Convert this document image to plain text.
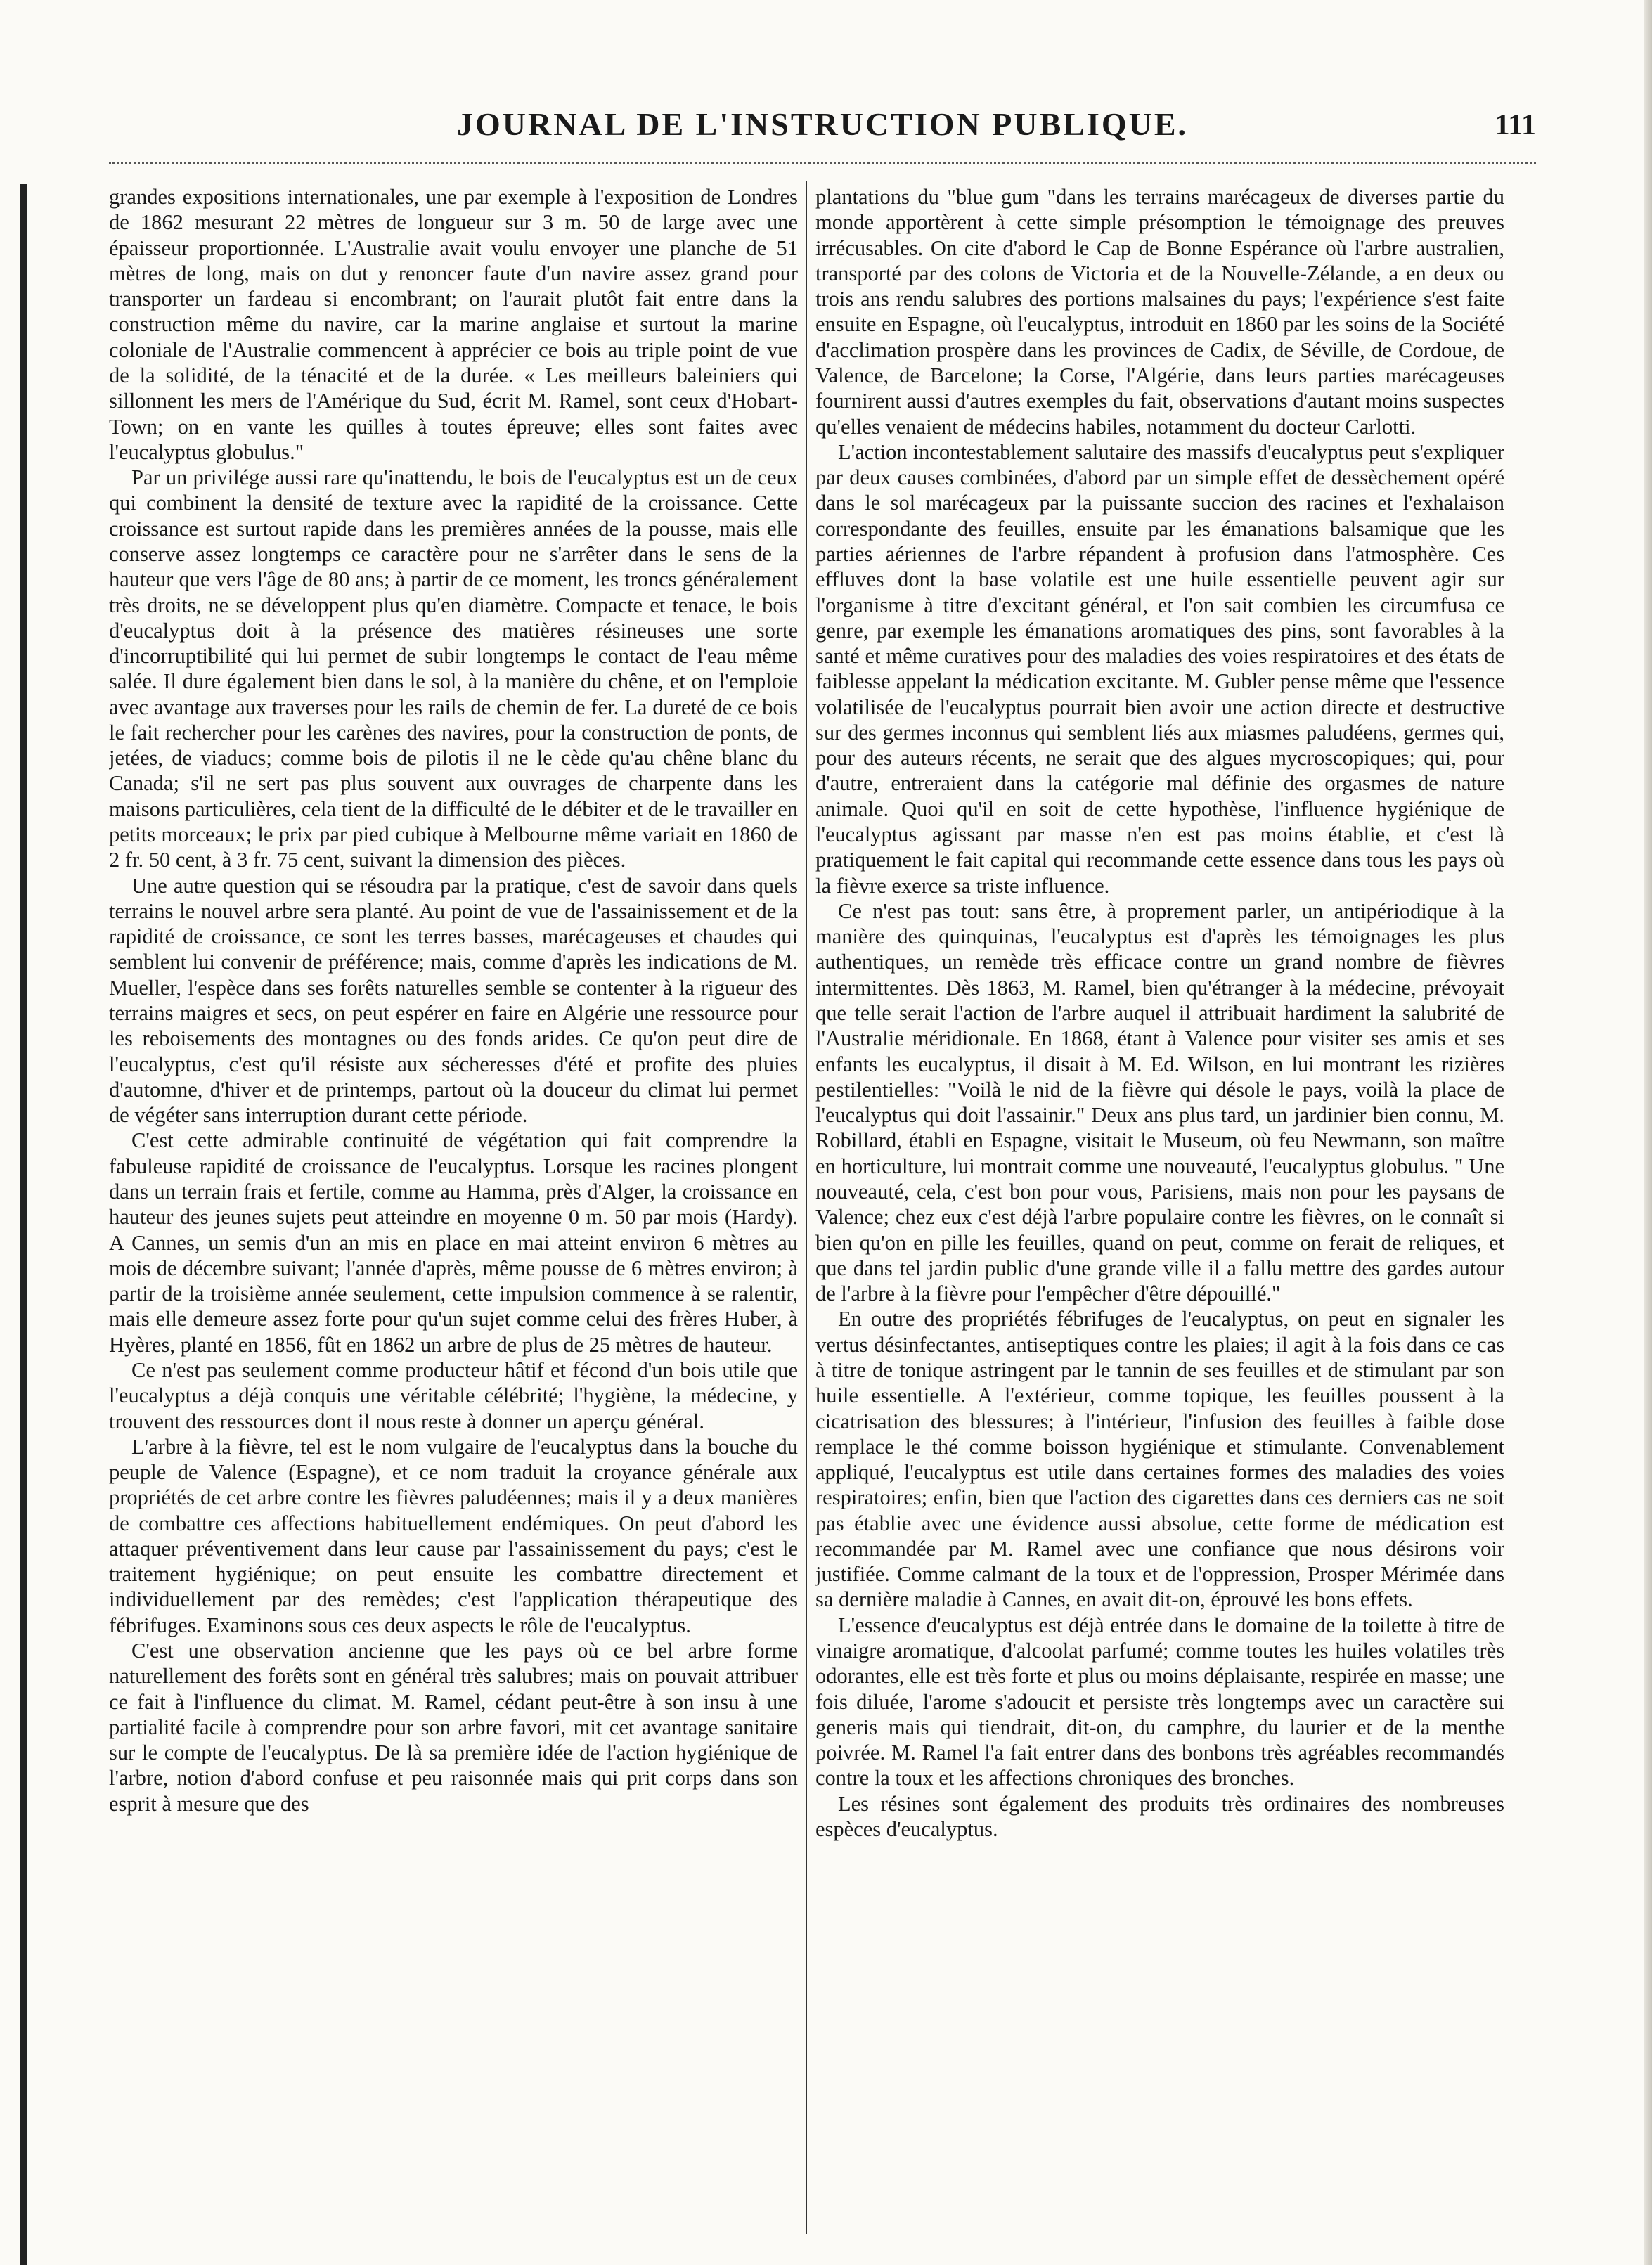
JOURNAL DE L'INSTRUCTION PUBLIQUE.	111

grandes expositions internationales, une par exemple à l'exposition de Londres de 1862 mesurant 22 mètres de longueur sur 3 m. 50 de large avec une épaisseur proportionnée. L'Australie avait voulu envoyer une planche de 51 mètres de long, mais on dut y renoncer faute d'un navire assez grand pour transporter un fardeau si encombrant; on l'aurait plutôt fait entre dans la construction même du navire, car la marine anglaise et surtout la marine coloniale de l'Australie commencent à apprécier ce bois au triple point de vue de la solidité, de la ténacité et de la durée. « Les meilleurs baleiniers qui sillonnent les mers de l'Amérique du Sud, écrit M. Ramel, sont ceux d'Hobart-Town; on en vante les quilles à toutes épreuve; elles sont faites avec l'eucalyptus globulus."

Par un privilége aussi rare qu'inattendu, le bois de l'eucalyptus est un de ceux qui combinent la densité de texture avec la rapidité de la croissance. Cette croissance est surtout rapide dans les premières années de la pousse, mais elle conserve assez longtemps ce caractère pour ne s'arrêter dans le sens de la hauteur que vers l'âge de 80 ans; à partir de ce moment, les troncs généralement très droits, ne se développent plus qu'en diamètre. Compacte et tenace, le bois d'eucalyptus doit à la présence des matières résineuses une sorte d'incorruptibilité qui lui permet de subir longtemps le contact de l'eau même salée. Il dure également bien dans le sol, à la manière du chêne, et on l'emploie avec avantage aux traverses pour les rails de chemin de fer. La dureté de ce bois le fait rechercher pour les carènes des navires, pour la construction de ponts, de jetées, de viaducs; comme bois de pilotis il ne le cède qu'au chêne blanc du Canada; s'il ne sert pas plus souvent aux ouvrages de charpente dans les maisons particulières, cela tient de la difficulté de le débiter et de le travailler en petits morceaux; le prix par pied cubique à Melbourne même variait en 1860 de 2 fr. 50 cent, à 3 fr. 75 cent, suivant la dimension des pièces.

Une autre question qui se résoudra par la pratique, c'est de savoir dans quels terrains le nouvel arbre sera planté. Au point de vue de l'assainissement et de la rapidité de croissance, ce sont les terres basses, marécageuses et chaudes qui semblent lui convenir de préférence; mais, comme d'après les indications de M. Mueller, l'espèce dans ses forêts naturelles semble se contenter à la rigueur des terrains maigres et secs, on peut espérer en faire en Algérie une ressource pour les reboisements des montagnes ou des fonds arides. Ce qu'on peut dire de l'eucalyptus, c'est qu'il résiste aux sécheresses d'été et profite des pluies d'automne, d'hiver et de printemps, partout où la douceur du climat lui permet de végéter sans interruption durant cette période.

C'est cette admirable continuité de végétation qui fait comprendre la fabuleuse rapidité de croissance de l'eucalyptus. Lorsque les racines plongent dans un terrain frais et fertile, comme au Hamma, près d'Alger, la croissance en hauteur des jeunes sujets peut atteindre en moyenne 0 m. 50 par mois (Hardy). A Cannes, un semis d'un an mis en place en mai atteint environ 6 mètres au mois de décembre suivant; l'année d'après, même pousse de 6 mètres environ; à partir de la troisième année seulement, cette impulsion commence à se ralentir, mais elle demeure assez forte pour qu'un sujet comme celui des frères Huber, à Hyères, planté en 1856, fût en 1862 un arbre de plus de 25 mètres de hauteur.

Ce n'est pas seulement comme producteur hâtif et fécond d'un bois utile que l'eucalyptus a déjà conquis une véritable célébrité; l'hygiène, la médecine, y trouvent des ressources dont il nous reste à donner un aperçu général.

L'arbre à la fièvre, tel est le nom vulgaire de l'eucalyptus dans la bouche du peuple de Valence (Espagne), et ce nom traduit la croyance générale aux propriétés de cet arbre contre les fièvres paludéennes; mais il y a deux manières de combattre ces affections habituellement endémiques. On peut d'abord les attaquer préventivement dans leur cause par l'assainissement du pays; c'est le traitement hygiénique; on peut ensuite les combattre directement et individuellement par des remèdes; c'est l'application thérapeutique des fébrifuges. Examinons sous ces deux aspects le rôle de l'eucalyptus.

C'est une observation ancienne que les pays où ce bel arbre forme naturellement des forêts sont en général très salubres; mais on pouvait attribuer ce fait à l'influence du climat. M. Ramel, cédant peut-être à son insu à une partialité facile à comprendre pour son arbre favori, mit cet avantage sanitaire sur le compte de l'eucalyptus. De là sa première idée de l'action hygiénique de l'arbre, notion d'abord confuse et peu raisonnée mais qui prit corps dans son esprit à mesure que des

plantations du "blue gum "dans les terrains marécageux de diverses partie du monde apportèrent à cette simple présomption le témoignage des preuves irrécusables. On cite d'abord le Cap de Bonne Espérance où l'arbre australien, transporté par des colons de Victoria et de la Nouvelle-Zélande, a en deux ou trois ans rendu salubres des portions malsaines du pays; l'expérience s'est faite ensuite en Espagne, où l'eucalyptus, introduit en 1860 par les soins de la Société d'acclimation prospère dans les provinces de Cadix, de Séville, de Cordoue, de Valence, de Barcelone; la Corse, l'Algérie, dans leurs parties marécageuses fournirent aussi d'autres exemples du fait, observations d'autant moins suspectes qu'elles venaient de médecins habiles, notamment du docteur Carlotti.

L'action incontestablement salutaire des massifs d'eucalyptus peut s'expliquer par deux causes combinées, d'abord par un simple effet de dessèchement opéré dans le sol marécageux par la puissante succion des racines et l'exhalaison correspondante des feuilles, ensuite par les émanations balsamique que les parties aériennes de l'arbre répandent à profusion dans l'atmosphère. Ces effluves dont la base volatile est une huile essentielle peuvent agir sur l'organisme à titre d'excitant général, et l'on sait combien les circumfusa ce genre, par exemple les émanations aromatiques des pins, sont favorables à la santé et même curatives pour des maladies des voies respiratoires et des états de faiblesse appelant la médication excitante. M. Gubler pense même que l'essence volatilisée de l'eucalyptus pourrait bien avoir une action directe et destructive sur des germes inconnus qui semblent liés aux miasmes paludéens, germes qui, pour des auteurs récents, ne serait que des algues mycroscopiques; qui, pour d'autre, entreraient dans la catégorie mal définie des orgasmes de nature animale. Quoi qu'il en soit de cette hypothèse, l'influence hygiénique de l'eucalyptus agissant par masse n'en est pas moins établie, et c'est là pratiquement le fait capital qui recommande cette essence dans tous les pays où la fièvre exerce sa triste influence.

Ce n'est pas tout: sans être, à proprement parler, un antipériodique à la manière des quinquinas, l'eucalyptus est d'après les témoignages les plus authentiques, un remède très efficace contre un grand nombre de fièvres intermittentes. Dès 1863, M. Ramel, bien qu'étranger à la médecine, prévoyait que telle serait l'action de l'arbre auquel il attribuait hardiment la salubrité de l'Australie méridionale. En 1868, étant à Valence pour visiter ses amis et ses enfants les eucalyptus, il disait à M. Ed. Wilson, en lui montrant les rizières pestilentielles: "Voilà le nid de la fièvre qui désole le pays, voilà la place de l'eucalyptus qui doit l'assainir." Deux ans plus tard, un jardinier bien connu, M. Robillard, établi en Espagne, visitait le Museum, où feu Newmann, son maître en horticulture, lui montrait comme une nouveauté, l'eucalyptus globulus. " Une nouveauté, cela, c'est bon pour vous, Parisiens, mais non pour les paysans de Valence; chez eux c'est déjà l'arbre populaire contre les fièvres, on le connaît si bien qu'on en pille les feuilles, quand on peut, comme on ferait de reliques, et que dans tel jardin public d'une grande ville il a fallu mettre des gardes autour de l'arbre à la fièvre pour l'empêcher d'être dépouillé."

En outre des propriétés fébrifuges de l'eucalyptus, on peut en signaler les vertus désinfectantes, antiseptiques contre les plaies; il agit à la fois dans ce cas à titre de tonique astringent par le tannin de ses feuilles et de stimulant par son huile essentielle. A l'extérieur, comme topique, les feuilles poussent à la cicatrisation des blessures; à l'intérieur, l'infusion des feuilles à faible dose remplace le thé comme boisson hygiénique et stimulante. Convenablement appliqué, l'eucalyptus est utile dans certaines formes des maladies des voies respiratoires; enfin, bien que l'action des cigarettes dans ces derniers cas ne soit pas établie avec une évidence aussi absolue, cette forme de médication est recommandée par M. Ramel avec une confiance que nous désirons voir justifiée. Comme calmant de la toux et de l'oppression, Prosper Mérimée dans sa dernière maladie à Cannes, en avait dit-on, éprouvé les bons effets.

L'essence d'eucalyptus est déjà entrée dans le domaine de la toilette à titre de vinaigre aromatique, d'alcoolat parfumé; comme toutes les huiles volatiles très odorantes, elle est très forte et plus ou moins déplaisante, respirée en masse; une fois diluée, l'arome s'adoucit et persiste très longtemps avec un caractère sui generis mais qui tiendrait, dit-on, du camphre, du laurier et de la menthe poivrée. M. Ramel l'a fait entrer dans des bonbons très agréables recommandés contre la toux et les affections chroniques des bronches.

Les résines sont également des produits très ordinaires des nombreuses espèces d'eucalyptus.
